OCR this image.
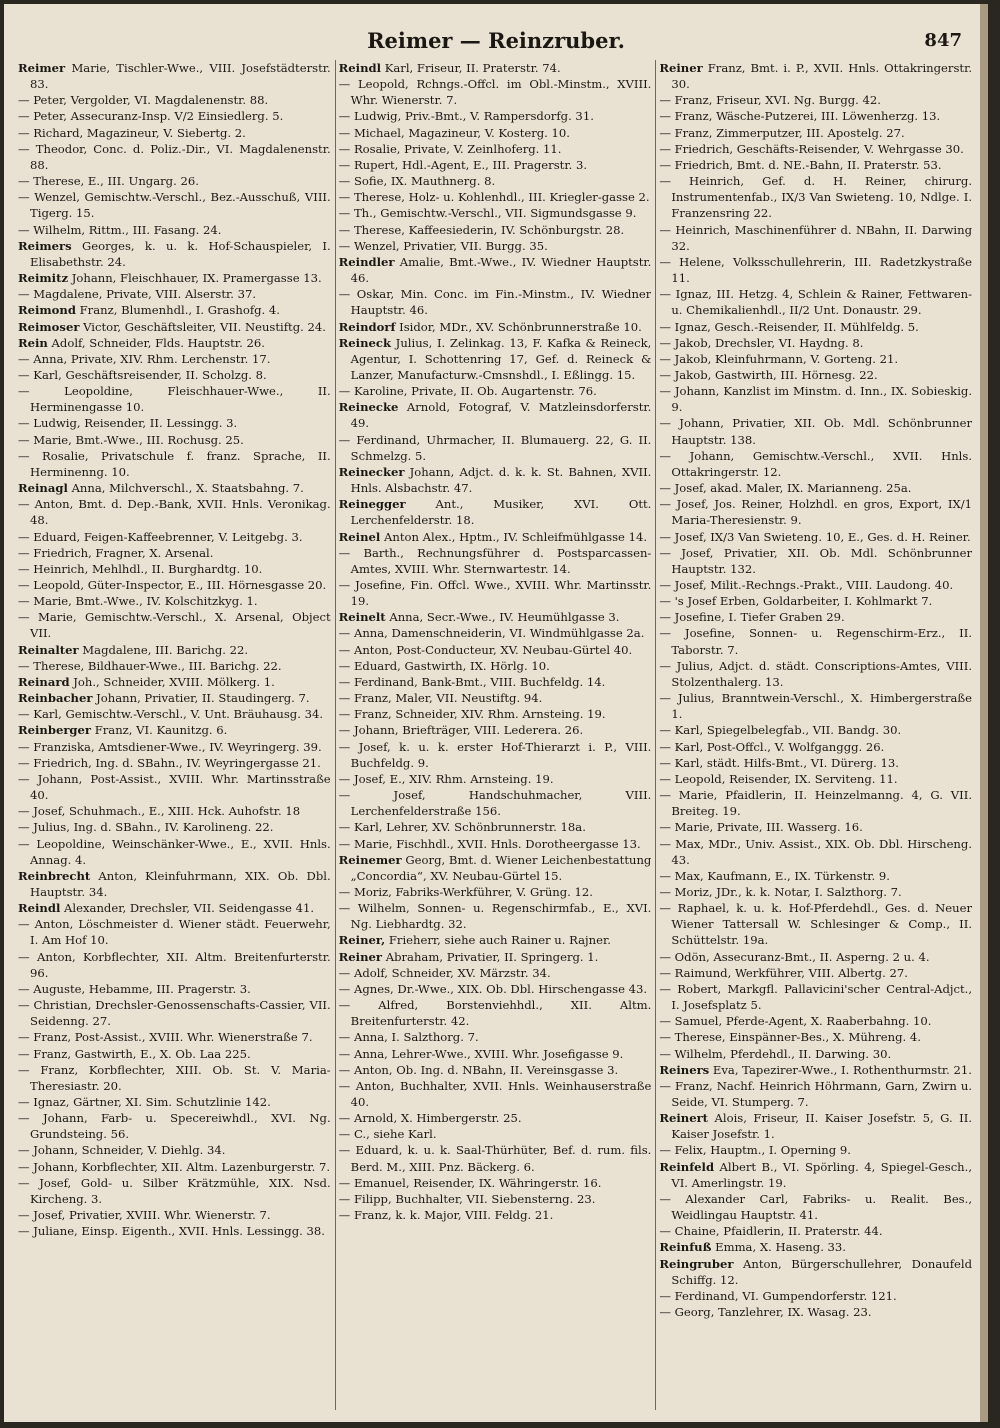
Reimer — Reinzruber.	847

Reimer Marie, Tischler-Wwe., VIII. Josefstädterstr. 83.

— Peter, Vergolder, VI. Magdalenenstr. 88.

— Peter, Assecuranz-Insp. V/2 Einsiedlerg. 5.

— Richard, Magazineur, V. Siebertg. 2.

— Theodor, Conc. d. Poliz.-Dir., VI. Magdalenenstr. 88.

— Therese, E., III. Ungarg. 26.

— Wenzel, Gemischtw.-Verschl., Bez.-Ausschuß, VIII. Tigerg. 15.

— Wilhelm, Rittm., III. Fasang. 24.

Reimers Georges, k. u. k. Hof-Schauspieler, I. Elisabethstr. 24.

Reimitz Johann, Fleischhauer, IX. Pramergasse 13.

— Magdalene, Private, VIII. Alserstr. 37.

Reimond Franz, Blumenhdl., I. Grashofg. 4.

Reimoser Victor, Geschäftsleiter, VII. Neustiftg. 24.

Rein Adolf, Schneider, Flds. Hauptstr. 26.

— Anna, Private, XIV. Rhm. Lerchenstr. 17.

— Karl, Geschäftsreisender, II. Scholzg. 8.

— Leopoldine, Fleischhauer-Wwe., II. Herminengasse 10.

— Ludwig, Reisender, II. Lessingg. 3.

— Marie, Bmt.-Wwe., III. Rochusg. 25.

— Rosalie, Privatschule f. franz. Sprache, II. Herminenng. 10.

Reinagl Anna, Milchverschl., X. Staatsbahng. 7.

— Anton, Bmt. d. Dep.-Bank, XVII. Hnls. Veronikag. 48.

— Eduard, Feigen-Kaffeebrenner, V. Leitgebg. 3.

— Friedrich, Fragner, X. Arsenal.

— Heinrich, Mehlhdl., II. Burghardtg. 10.

— Leopold, Güter-Inspector, E., III. Hörnesgasse 20.

— Marie, Bmt.-Wwe., IV. Kolschitzkyg. 1.

— Marie, Gemischtw.-Verschl., X. Arsenal, Object VII.

Reinalter Magdalene, III. Barichg. 22.

— Therese, Bildhauer-Wwe., III. Barichg. 22.

Reinard Joh., Schneider, XVIII. Mölkerg. 1.

Reinbacher Johann, Privatier, II. Staudingerg. 7.

— Karl, Gemischtw.-Verschl., V. Unt. Bräuhausg. 34.

Reinberger Franz, VI. Kaunitzg. 6.

— Franziska, Amtsdiener-Wwe., IV. Weyringerg. 39.

— Friedrich, Ing. d. SBahn., IV. Weyringergasse 21.

— Johann, Post-Assist., XVIII. Whr. Martinsstraße 40.

— Josef, Schuhmach., E., XIII. Hck. Auhofstr. 18

— Julius, Ing. d. SBahn., IV. Karolineng. 22.

— Leopoldine, Weinschänker-Wwe., E., XVII. Hnls. Annag. 4.

Reinbrecht Anton, Kleinfuhrmann, XIX. Ob. Dbl. Hauptstr. 34.

Reindl Alexander, Drechsler, VII. Seidengasse 41.

— Anton, Löschmeister d. Wiener städt. Feuerwehr, I. Am Hof 10.

— Anton, Korbflechter, XII. Altm. Breitenfurterstr. 96.

— Auguste, Hebamme, III. Pragerstr. 3.

— Christian, Drechsler-Genossenschafts-Cassier, VII. Seidenng. 27.

— Franz, Post-Assist., XVIII. Whr. Wienerstraße 7.

— Franz, Gastwirth, E., X. Ob. Laa 225.

— Franz, Korbflechter, XIII. Ob. St. V. Maria-Theresiastr. 20.

— Ignaz, Gärtner, XI. Sim. Schutzlinie 142.

— Johann, Farb- u. Specereiwhdl., XVI. Ng. Grundsteing. 56.

— Johann, Schneider, V. Diehlg. 34.

— Johann, Korbflechter, XII. Altm. Lazenburgerstr. 7.

— Josef, Gold- u. Silber Krätzmühle, XIX. Nsd. Kircheng. 3.

— Josef, Privatier, XVIII. Whr. Wienerstr. 7.

— Juliane, Einsp. Eigenth., XVII. Hnls. Lessingg. 38.

Reindl Karl, Friseur, II. Praterstr. 74.

— Leopold, Rchngs.-Offcl. im Obl.-Minstm., XVIII. Whr. Wienerstr. 7.

— Ludwig, Priv.-Bmt., V. Rampersdorfg. 31.

— Michael, Magazineur, V. Kosterg. 10.

— Rosalie, Private, V. Zeinlhoferg. 11.

— Rupert, Hdl.-Agent, E., III. Pragerstr. 3.

— Sofie, IX. Mauthnerg. 8.

— Therese, Holz- u. Kohlenhdl., III. Kriegler-gasse 2.

— Th., Gemischtw.-Verschl., VII. Sigmundsgasse 9.

— Therese, Kaffeesiederin, IV. Schönburgstr. 28.

— Wenzel, Privatier, VII. Burgg. 35.

Reindler Amalie, Bmt.-Wwe., IV. Wiedner Hauptstr. 46.

— Oskar, Min. Conc. im Fin.-Minstm., IV. Wiedner Hauptstr. 46.

Reindorf Isidor, MDr., XV. Schönbrunnerstraße 10.

Reineck Julius, I. Zelinkag. 13, F. Kafka & Reineck, Agentur, I. Schottenring 17, Gef. d. Reineck & Lanzer, Manufacturw.-Cmsnshdl., I. Eßlingg. 15.

— Karoline, Private, II. Ob. Augartenstr. 76.

Reinecke Arnold, Fotograf, V. Matzleinsdorferstr. 49.

— Ferdinand, Uhrmacher, II. Blumauerg. 22, G. II. Schmelzg. 5.

Reinecker Johann, Adjct. d. k. k. St. Bahnen, XVII. Hnls. Alsbachstr. 47.

Reinegger	Ant., Musiker, XVI. Ott. Lerchenfelderstr. 18.

Reinel Anton Alex., Hptm., IV. Schleifmühlgasse 14.

— Barth., Rechnungsführer d. Postsparcassen-Amtes, XVIII. Whr. Sternwartestr. 14.

— Josefine, Fin. Offcl. Wwe., XVIII. Whr. Martinsstr. 19.

Reinelt Anna, Secr.-Wwe., IV. Heumühlgasse 3.

— Anna, Damenschneiderin, VI. Windmühlgasse 2a.

— Anton, Post-Conducteur, XV. Neubau-Gürtel 40.

— Eduard, Gastwirth, IX. Hörlg. 10.

— Ferdinand, Bank-Bmt., VIII. Buchfeldg. 14.

— Franz, Maler, VII. Neustiftg. 94.

— Franz, Schneider, XIV. Rhm. Arnsteing. 19.

— Johann, Briefträger, VIII. Lederera. 26.

— Josef, k. u. k. erster Hof-Thierarzt i. P., VIII. Buchfeldg. 9.

— Josef, E., XIV. Rhm. Arnsteing. 19.

— Josef, Handschuhmacher, VIII. Lerchenfelderstraße 156.

— Karl, Lehrer, XV. Schönbrunnerstr. 18a.

— Marie, Fischhdl., XVII. Hnls. Dorotheergasse 13.

Reinemer Georg, Bmt. d. Wiener Leichenbestattung „Concordia“, XV. Neubau-Gürtel 15.

— Moriz, Fabriks-Werkführer, V. Grüng. 12.

— Wilhelm, Sonnen- u. Regenschirmfab., E., XVI. Ng. Liebhardtg. 32.

Reiner, Frieherr, siehe auch Rainer u. Rajner.

Reiner Abraham, Privatier, II. Springerg. 1.

— Adolf, Schneider, XV. Märzstr. 34.

— Agnes, Dr.-Wwe., XIX. Ob. Dbl. Hirschengasse 43.

— Alfred, Borstenviehhdl., XII. Altm. Breitenfurterstr. 42.

— Anna, I. Salzthorg. 7.

— Anna, Lehrer-Wwe., XVIII. Whr. Josefigasse 9.

— Anton, Ob. Ing. d. NBahn, II. Vereinsgasse 3.

— Anton, Buchhalter, XVII. Hnls. Weinhauserstraße 40.

— Arnold, X. Himbergerstr. 25.

— C., siehe Karl.

— Eduard, k. u. k. Saal-Thürhüter, Bef. d. rum. fils. Berd. M., XIII. Pnz. Bäckerg. 6.

— Emanuel, Reisender, IX. Währingerstr. 16.

— Filipp, Buchhalter, VII. Siebensterng. 23.

— Franz, k. k. Major, VIII. Feldg. 21.

Reiner Franz, Bmt. i. P., XVII. Hnls. Ottakringerstr. 30.

— Franz, Friseur, XVI. Ng. Burgg. 42.

— Franz, Wäsche-Putzerei, III. Löwenherzg. 13.

— Franz, Zimmerputzer, III. Apostelg. 27.

— Friedrich, Geschäfts-Reisender, V. Wehrgasse 30.

— Friedrich, Bmt. d. NE.-Bahn, II. Praterstr. 53.

— Heinrich, Gef. d. H. Reiner, chirurg. Instrumentenfab., IX/3 Van Swieteng. 10, Ndlge. I. Franzensring 22.

— Heinrich, Maschinenführer d. NBahn, II. Darwing 32.

— Helene, Volksschullehrerin, III. Radetzkystraße 11.

— Ignaz, III. Hetzg. 4, Schlein & Rainer, Fettwaren- u. Chemikalienhdl., II/2 Unt. Donaustr. 29.

— Ignaz, Gesch.-Reisender, II. Mühlfeldg. 5.

— Jakob, Drechsler, VI. Haydng. 8.

— Jakob, Kleinfuhrmann, V. Gorteng. 21.

— Jakob, Gastwirth, III. Hörnesg. 22.

— Johann, Kanzlist im Minstm. d. Inn., IX. Sobieskig. 9.

— Johann, Privatier, XII. Ob. Mdl. Schönbrunner Hauptstr. 138.

— Johann, Gemischtw.-Verschl., XVII. Hnls. Ottakringerstr. 12.

— Josef, akad. Maler, IX. Marianneng. 25a.

— Josef, Jos. Reiner, Holzhdl. en gros, Export, IX/1 Maria-Theresienstr. 9.

— Josef, IX/3 Van Swieteng. 10, E., Ges. d. H. Reiner.

— Josef, Privatier, XII. Ob. Mdl. Schönbrunner Hauptstr. 132.

— Josef, Milit.-Rechngs.-Prakt., VIII. Laudong. 40.

— 's Josef Erben, Goldarbeiter, I. Kohlmarkt 7.

— Josefine, I. Tiefer Graben 29.

— Josefine, Sonnen- u. Regenschirm-Erz., II. Taborstr. 7.

— Julius, Adjct. d. städt. Conscriptions-Amtes, VIII. Stolzenthalerg. 13.

— Julius, Branntwein-Verschl., X. Himbergerstraße 1.

— Karl, Spiegelbelegfab., VII. Bandg. 30.

— Karl, Post-Offcl., V. Wolfganggg. 26.

— Karl, städt. Hilfs-Bmt., VI. Dürerg. 13.

— Leopold, Reisender, IX. Serviteng. 11.

— Marie, Pfaidlerin, II. Heinzelmanng. 4, G. VII. Breiteg. 19.

— Marie, Private, III. Wasserg. 16.

— Max, MDr., Univ. Assist., XIX. Ob. Dbl. Hirscheng. 43.

— Max, Kaufmann, E., IX. Türkenstr. 9.

— Moriz, JDr., k. k. Notar, I. Salzthorg. 7.

— Raphael, k. u. k. Hof-Pferdehdl., Ges. d. Neuer Wiener Tattersall W. Schlesinger & Comp., II. Schüttelstr. 19a.

— Odön, Assecuranz-Bmt., II. Asperng. 2 u. 4.

— Raimund, Werkführer, VIII. Albertg. 27.

— Robert, Markgfl. Pallavicini'scher Central-Adjct., I. Josefsplatz 5.

— Samuel, Pferde-Agent, X. Raaberbahng. 10.

— Therese, Einspänner-Bes., X. Mühreng. 4.

— Wilhelm, Pferdehdl., II. Darwing. 30.

Reiners Eva, Tapezirer-Wwe., I. Rothenthurmstr. 21.

— Franz, Nachf. Heinrich Höhrmann, Garn, Zwirn u. Seide, VI. Stumperg. 7.

Reinert Alois, Friseur, II. Kaiser Josefstr. 5, G. II. Kaiser Josefstr. 1.

— Felix, Hauptm., I. Operning 9.

Reinfeld Albert B., VI. Spörling. 4, Spiegel-Gesch., VI. Amerlingstr. 19.

— Alexander Carl, Fabriks- u. Realit. Bes., Weidlingau Hauptstr. 41.

— Chaine, Pfaidlerin, II. Praterstr. 44.

Reinfuß Emma, X. Haseng. 33.

Reingruber Anton, Bürgerschullehrer, Donaufeld Schiffg. 12.

— Ferdinand, VI. Gumpendorferstr. 121.

— Georg, Tanzlehrer, IX. Wasag. 23.
